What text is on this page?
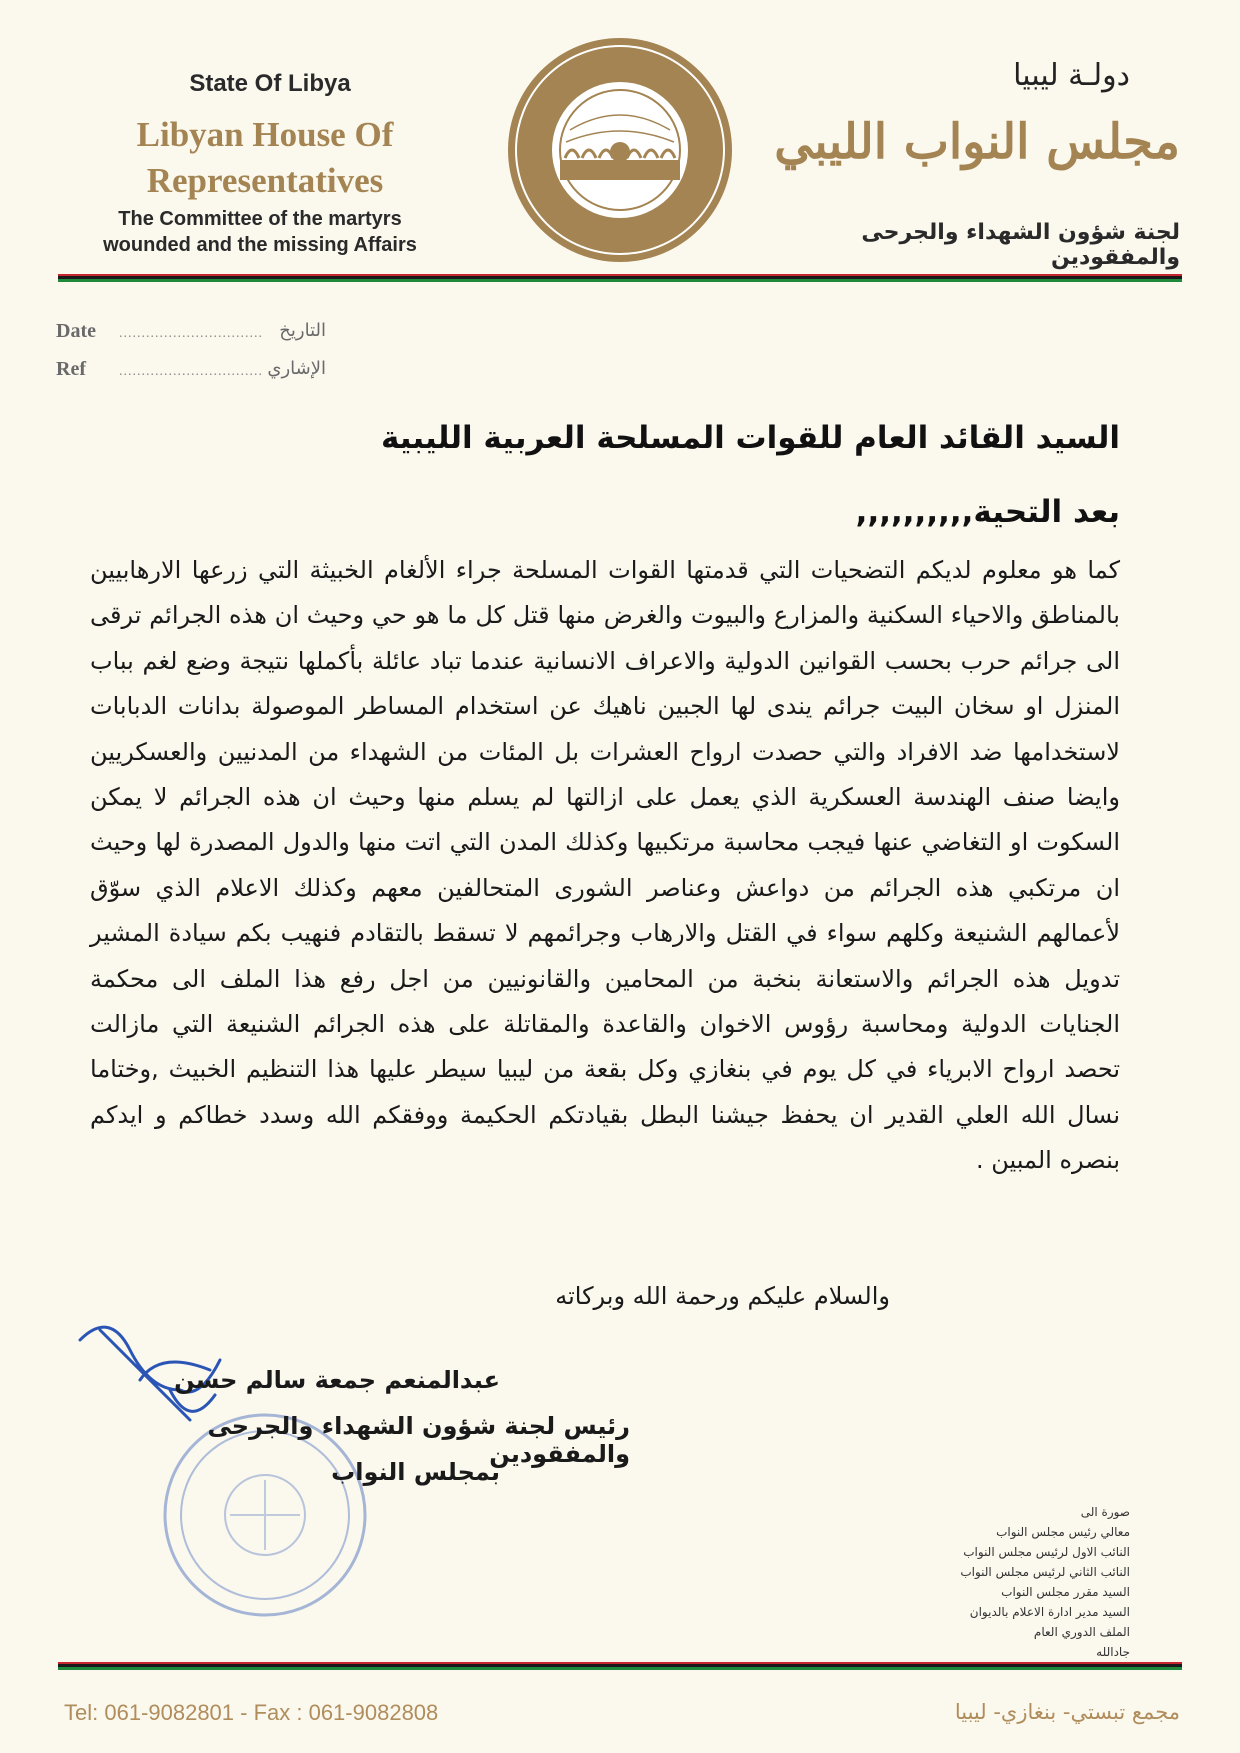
State Of Libya
Libyan House Of
Representatives
The Committee of the martyrs
wounded and the missing Affairs
دولـة ليبيا
مجلس النواب الليبي
لجنة شؤون الشهداء والجرحى والمفقودين
Date ................................ التاريخ
Ref ................................ الإشاري
السيد القائد العام للقوات المسلحة العربية الليبية
بعد التحية,,,,,,,,,,
كما هو معلوم لديكم التضحيات التي قدمتها القوات المسلحة جراء الألغام الخبيثة التي زرعها الارهابيين بالمناطق والاحياء السكنية والمزارع والبيوت والغرض منها قتل كل ما هو حي وحيث ان هذه الجرائم ترقى الى جرائم حرب بحسب القوانين الدولية والاعراف الانسانية عندما تباد عائلة بأكملها نتيجة وضع لغم بباب المنزل او سخان البيت جرائم يندى لها الجبين ناهيك عن استخدام المساطر الموصولة بدانات الدبابات لاستخدامها ضد الافراد والتي حصدت ارواح العشرات بل المئات من الشهداء من المدنيين والعسكريين وايضا صنف الهندسة العسكرية الذي يعمل على ازالتها لم يسلم منها وحيث ان هذه الجرائم لا يمكن السكوت او التغاضي عنها فيجب محاسبة مرتكبيها وكذلك المدن التي اتت منها والدول المصدرة لها وحيث ان مرتكبي هذه الجرائم من دواعش وعناصر الشورى المتحالفين معهم وكذلك الاعلام الذي سوّق لأعمالهم الشنيعة وكلهم سواء في القتل والارهاب وجرائمهم لا تسقط بالتقادم فنهيب بكم سيادة المشير تدويل هذه الجرائم والاستعانة بنخبة من المحامين والقانونيين من اجل رفع هذا الملف الى محكمة الجنايات الدولية ومحاسبة رؤوس الاخوان والقاعدة والمقاتلة على هذه الجرائم الشنيعة التي مازالت تحصد ارواح الابرياء في كل يوم في بنغازي وكل بقعة من ليبيا سيطر عليها هذا التنظيم الخبيث ,وختاما نسال الله العلي القدير ان يحفظ جيشنا البطل بقيادتكم الحكيمة ووفقكم الله وسدد خطاكم و ايدكم بنصره المبين .
والسلام عليكم ورحمة الله وبركاته
عبدالمنعم جمعة سالم حسن
رئيس لجنة شؤون الشهداء والجرحى والمفقودين
بمجلس النواب
صورة الى
معالي رئيس مجلس النواب
النائب الاول لرئيس مجلس النواب
النائب الثاني لرئيس مجلس النواب
السيد مقرر مجلس النواب
السيد مدير ادارة الاعلام بالديوان
الملف الدوري العام
جادالله
Tel: 061-9082801 - Fax : 061-9082808	مجمع تبستي- بنغازي- ليبيا
